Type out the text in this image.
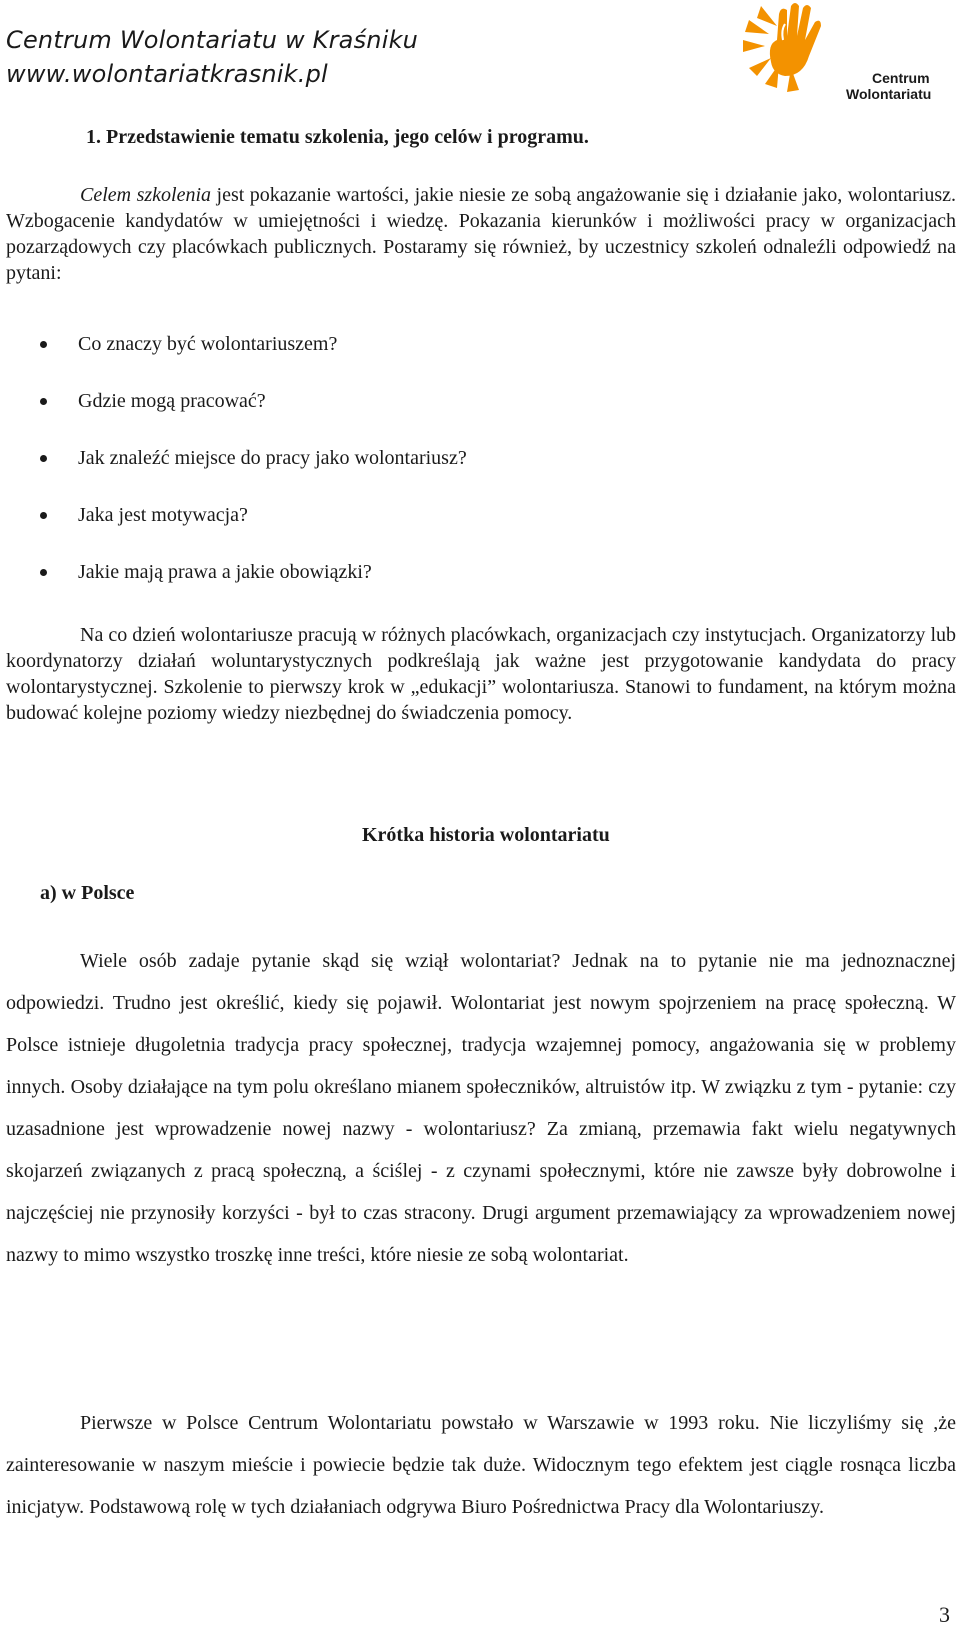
Centrum Wolontariatu w Kraśniku
www.wolontariatkrasnik.pl	Centrum
Wolontariatu
1. Przedstawienie tematu szkolenia, jego celów i programu.

Celem szkolenia jest pokazanie wartości, jakie niesie ze sobą angażowanie się i działanie jako, wolontariusz. Wzbogacenie kandydatów w umiejętności i wiedzę. Pokazania kierunków i możliwości pracy w organizacjach pozarządowych czy placówkach publicznych. Postaramy się również, by uczestnicy szkoleń odnaleźli odpowiedź na pytani:

Co znaczy być wolontariuszem?
Gdzie mogą pracować?
Jak znaleźć miejsce do pracy jako wolontariusz?
Jaka jest motywacja?
Jakie mają prawa a jakie obowiązki?

Na co dzień wolontariusze pracują w różnych placówkach, organizacjach czy instytucjach. Organizatorzy lub koordynatorzy działań woluntarystycznych podkreślają jak ważne jest przygotowanie kandydata do pracy wolontarystycznej. Szkolenie to pierwszy krok w „edukacji” wolontariusza. Stanowi to fundament, na którym można budować kolejne poziomy wiedzy niezbędnej do świadczenia pomocy.

Krótka historia wolontariatu
a) w Polsce

Wiele osób zadaje pytanie skąd się wziął wolontariat? Jednak na to pytanie nie ma jednoznacznej odpowiedzi. Trudno jest określić, kiedy się pojawił. Wolontariat jest nowym spojrzeniem na pracę społeczną. W Polsce istnieje długoletnia tradycja pracy społecznej, tradycja wzajemnej pomocy, angażowania się w problemy innych. Osoby działające na tym polu określano mianem społeczników, altruistów itp. W związku z tym - pytanie: czy uzasadnione jest wprowadzenie nowej nazwy - wolontariusz? Za zmianą, przemawia fakt wielu negatywnych skojarzeń związanych z pracą społeczną, a ściślej - z czynami społecznymi, które nie zawsze były dobrowolne i najczęściej nie przynosiły korzyści - był to czas stracony. Drugi argument przemawiający za wprowadzeniem nowej nazwy to mimo wszystko troszkę inne treści, które niesie ze sobą wolontariat.

Pierwsze w Polsce Centrum Wolontariatu powstało w Warszawie w 1993 roku. Nie liczyliśmy się ,że zainteresowanie w naszym mieście i powiecie będzie tak duże. Widocznym tego efektem jest ciągle rosnąca liczba inicjatyw. Podstawową rolę w tych działaniach odgrywa Biuro Pośrednictwa Pracy dla Wolontariuszy.

3
